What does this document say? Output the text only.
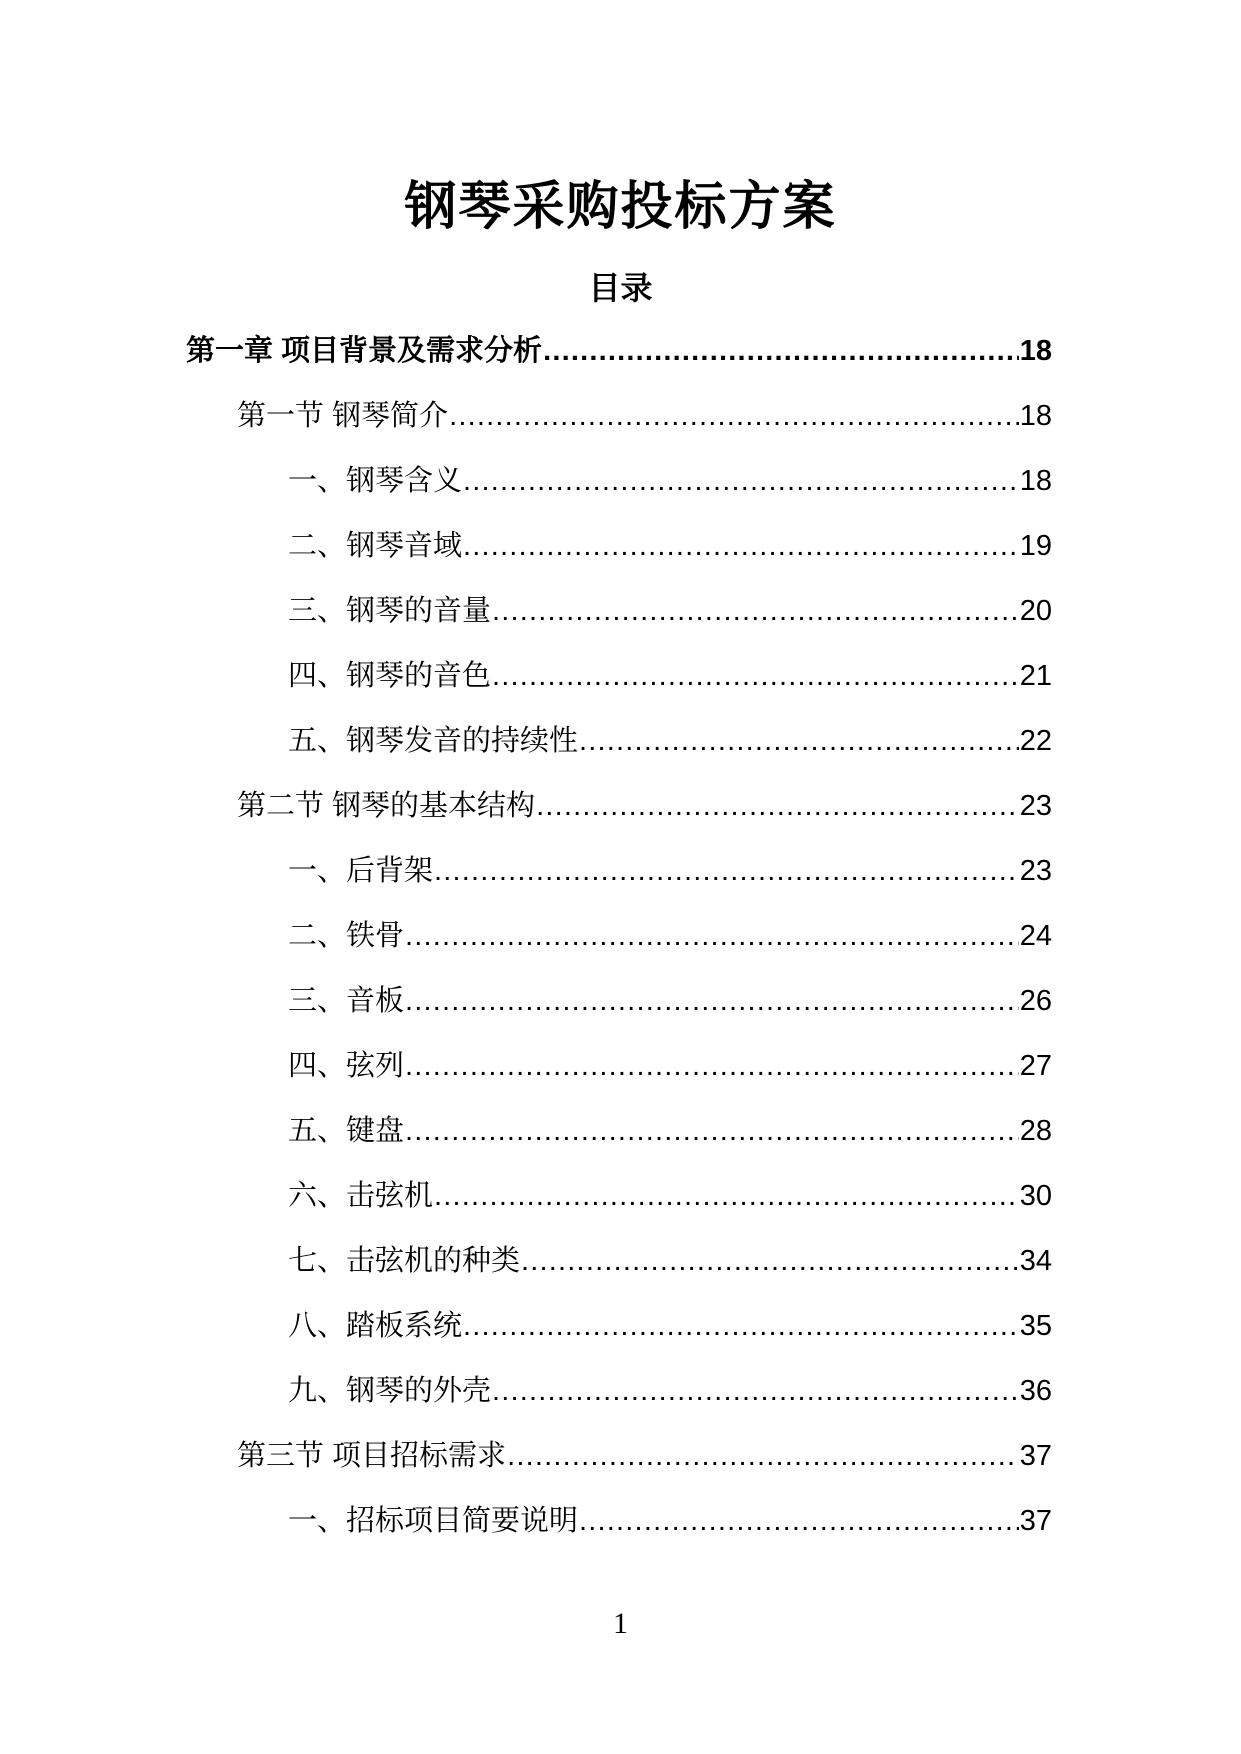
钢琴采购投标方案
目录
第一章 项目背景及需求分析 .....	18
第一节 钢琴简介 .....	18
一、钢琴含义 .....	18
二、钢琴音域 .....	19
三、钢琴的音量 .....	20
四、钢琴的音色 .....	21
五、钢琴发音的持续性 .....	22
第二节 钢琴的基本结构 .....	23
一、后背架 .....	23
二、铁骨 .....	24
三、音板 .....	26
四、弦列 .....	27
五、键盘 .....	28
六、击弦机 .....	30
七、击弦机的种类 .....	34
八、踏板系统 .....	35
九、钢琴的外壳 .....	36
第三节 项目招标需求 .....	37
一、招标项目简要说明 .....	37
1
